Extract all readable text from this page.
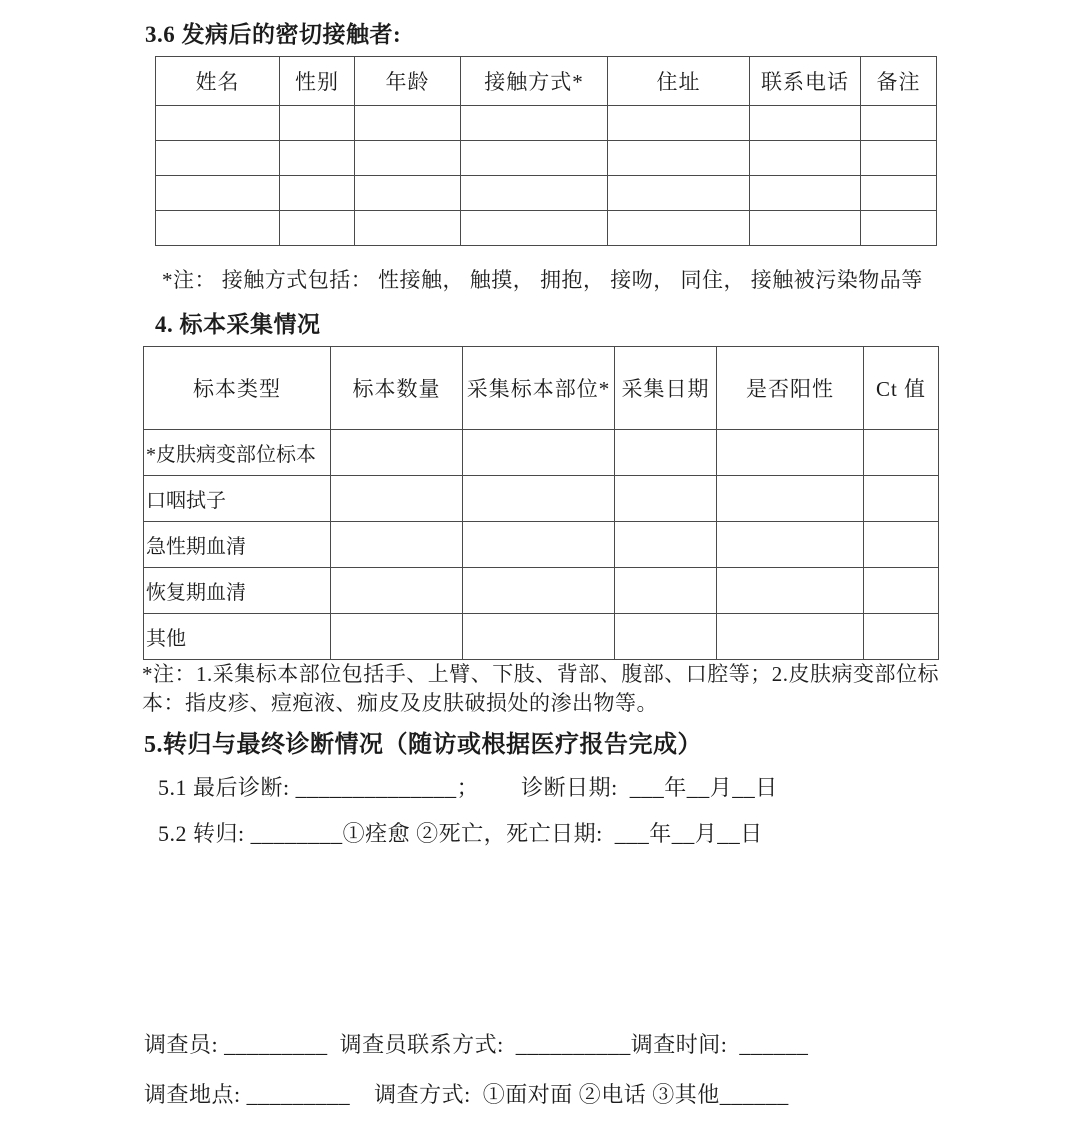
3.6 发病后的密切接触者:
姓名	性别	年龄	接触方式*	住址	联系电话	备注

*注： 接触方式包括： 性接触， 触摸， 拥抱， 接吻， 同住， 接触被污染物品等
4. 标本采集情况
标本类型	标本数量	采集标本部位*	采集日期	是否阳性	Ct 值
*皮肤病变部位标本					
口咽拭子					
急性期血清					
恢复期血清					
其他					
*注：1.采集标本部位包括手、上臂、下肢、背部、腹部、口腔等；2.皮肤病变部位标本：指皮疹、痘疱液、痂皮及皮肤破损处的渗出物等。
5.转归与最终诊断情况（随访或根据医疗报告完成）
5.1 最后诊断: ______________；       诊断日期:  ___年__月__日
5.2 转归: ________①痊愈 ②死亡，死亡日期:  ___年__月__日
调查员: _________  调查员联系方式:  __________调查时间:  ______
调查地点: _________    调查方式:  ①面对面 ②电话 ③其他______
